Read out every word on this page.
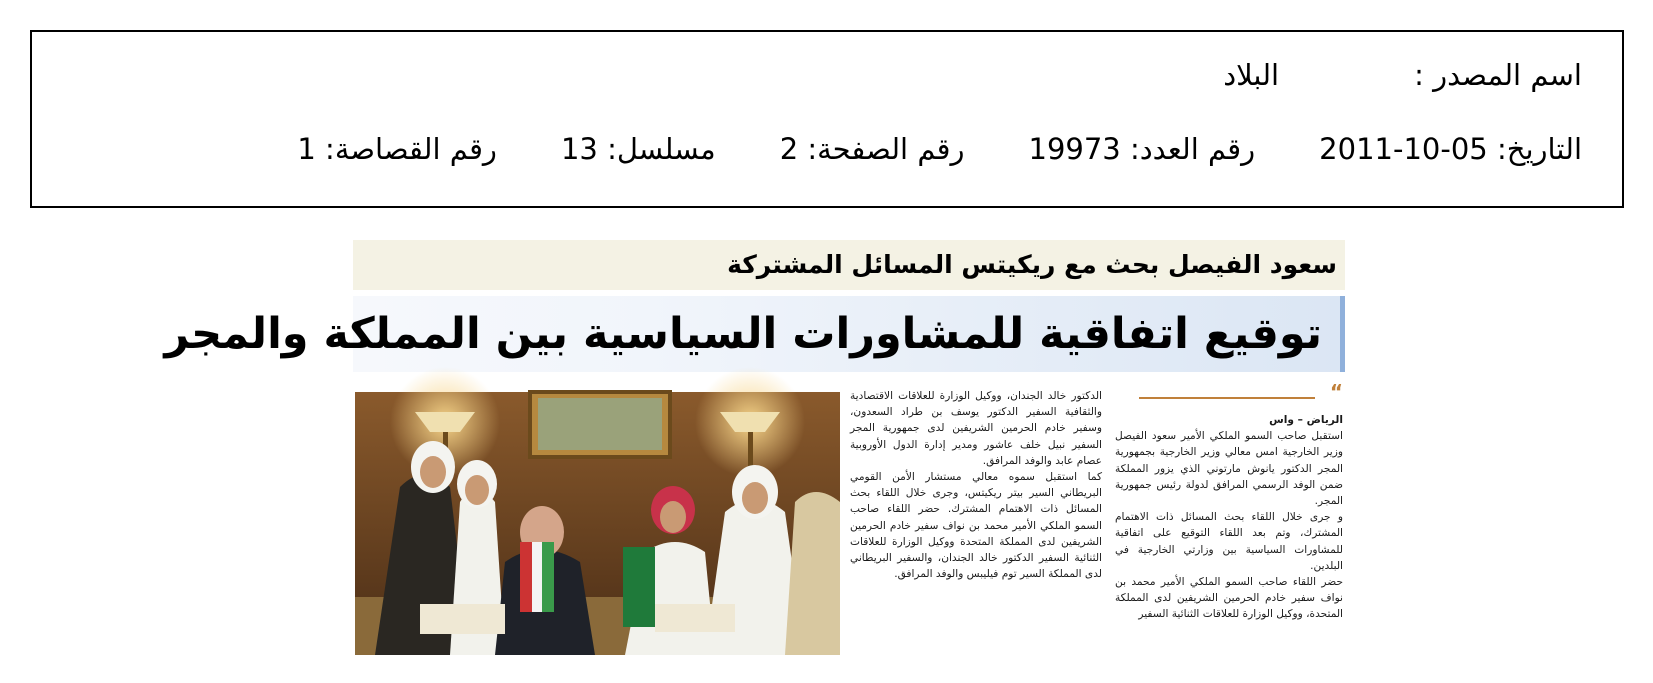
اسم المصدر :البلاد
التاريخ: 05-10-2011رقم العدد: 19973رقم الصفحة: 2مسلسل: 13رقم القصاصة: 1
سعود الفيصل بحث مع ريكيتس المسائل المشتركة
توقيع اتفاقية للمشاورات السياسية بين المملكة والمجر

الدكتور خالد الجندان، ووكيل الوزارة للعلاقات الاقتصادية والثقافية السفير الدكتور يوسف بن طراد السعدون، وسفير خادم الحرمين الشريفين لدى جمهورية المجر السفير نبيل خلف عاشور ومدير إدارة الدول الأوروبية عصام عابد والوفد المرافق.

كما استقبل سموه معالي مستشار الأمن القومي البريطاني السير بيتر ريكيتس، وجرى خلال اللقاء بحث المسائل ذات الاهتمام المشترك. حضر اللقاء صاحب السمو الملكي الأمير محمد بن نواف سفير خادم الحرمين الشريفين لدى المملكة المتحدة ووكيل الوزارة للعلاقات الثنائية السفير الدكتور خالد الجندان، والسفير البريطاني لدى المملكة السير توم فيليبس والوفد المرافق.

“

الرياض – واس

استقبل صاحب السمو الملكي الأمير سعود الفيصل وزير الخارجية امس معالي وزير الخارجية بجمهورية المجر الدكتور يانوش مارتوني الذي يزور المملكة ضمن الوفد الرسمي المرافق لدولة رئيس جمهورية المجر.

و جرى خلال اللقاء بحث المسائل ذات الاهتمام المشترك، وتم بعد اللقاء التوقيع على اتفاقية للمشاورات السياسية بين وزارتي الخارجية في البلدين.

حضر اللقاء صاحب السمو الملكي الأمير محمد بن نواف سفير خادم الحرمين الشريفين لدى المملكة المتحدة، ووكيل الوزارة للعلاقات الثنائية السفير
